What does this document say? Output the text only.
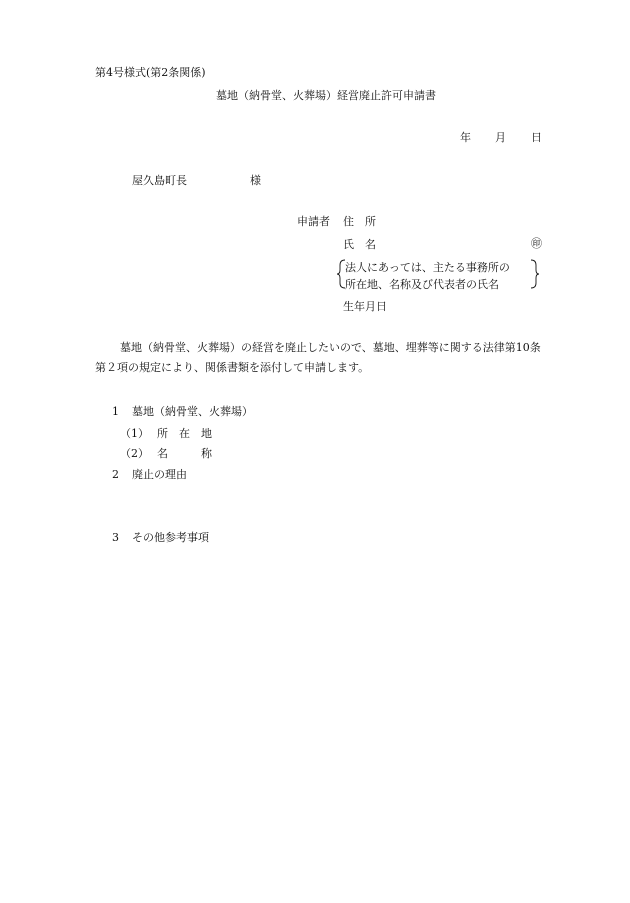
第4号様式(第2条関係)
墓地（納骨堂、火葬場）経営廃止許可申請書
年 月 日
屋久島町長	様
申請者 住　所
氏　名	㊞
法人にあっては、主たる事務所の
所在地、名称及び代表者の氏名
生年月日
墓地（納骨堂、火葬場）の経営を廃止したいので、墓地、埋葬等に関する法律第10条
第２項の規定により、関係書類を添付して申請します。
1 墓地（納骨堂、火葬場）
（1） 所　在　地
（2） 名　　　称
2 廃止の理由
3 その他参考事項
